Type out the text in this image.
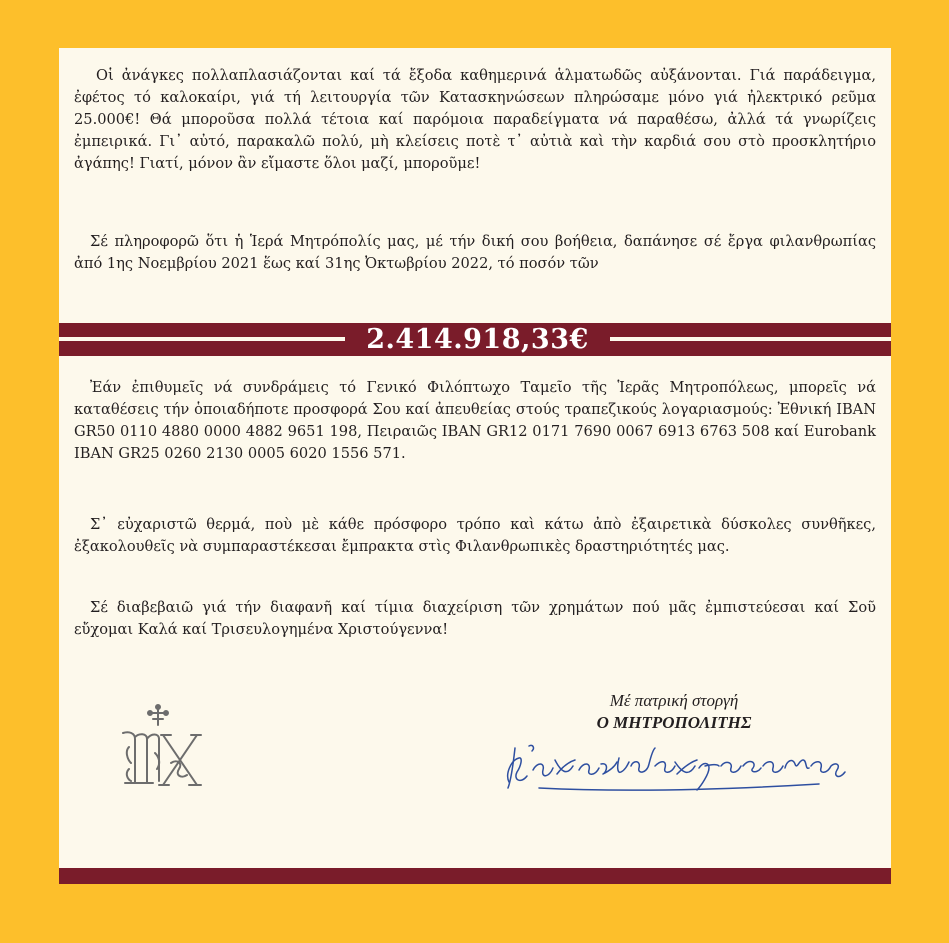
Οἱ ἀνάγκες πολλαπλασιάζονται καί τά ἔξοδα καθημερινά ἁλματωδῶς αὐξάνονται. Γιά παράδειγμα, ἐφέτος τό καλοκαίρι, γιά τή λειτουργία τῶν Κατασκηνώσεων πληρώσαμε μόνο γιά ἠλεκτρικό ρεῦμα 25.000€! Θά μποροῦσα πολλά τέτοια καί παρόμοια παραδείγματα νά παραθέσω, ἀλλά τά γνωρίζεις ἐμπειρικά. Γι᾽ αὐτό, παρακαλῶ πολύ, μὴ κλείσεις ποτὲ τ᾽ αὐτιὰ καὶ τὴν καρδιά σου στὸ προσκλητήριο ἀγάπης! Γιατί, μόνον ἂν εἴμαστε ὅλοι μαζί, μποροῦμε!

Σέ πληροφορῶ ὅτι ἡ Ἱερά Μητρόπολίς μας, μέ τήν δική σου βοήθεια, δαπάνησε σέ ἔργα φιλανθρωπίας ἀπό 1ης Νοεμβρίου 2021 ἕως καί 31ης Ὀκτωβρίου 2022, τό ποσόν τῶν

2.414.918,33€

Ἐάν ἐπιθυμεῖς νά συνδράμεις τό Γενικό Φιλόπτωχο Ταμεῖο τῆς Ἱερᾶς Μητροπόλεως, μπορεῖς νά καταθέσεις τήν ὁποιαδήποτε προσφορά Σου καί ἀπευθείας στούς τραπεζικούς λογαριασμούς: Ἐθνική IBAN GR50 0110 4880 0000 4882 9651 198, Πειραιῶς IBAN GR12 0171 7690 0067 6913 6763 508 καί Eurobank IBAN GR25 0260 2130 0005 6020 1556 571.

Σ᾽ εὐχαριστῶ θερμά, ποὺ μὲ κάθε πρόσφορο τρόπο καὶ κάτω ἀπὸ ἐξαιρετικὰ δύσκολες συνθῆκες, ἐξακολουθεῖς νὰ συμπαραστέκεσαι ἔμπρακτα στὶς Φιλανθρωπικὲς δραστηριότητές μας.

Σέ διαβεβαιῶ γιά τήν διαφανῆ καί τίμια διαχείριση τῶν χρημάτων πού μᾶς ἐμπιστεύεσαι καί Σοῦ εὔχομαι Καλά καί Τρισευλογημένα Χριστούγεννα!

Μέ πατρική στοργή

Ο ΜΗΤΡΟΠΟΛΙΤΗΣ
